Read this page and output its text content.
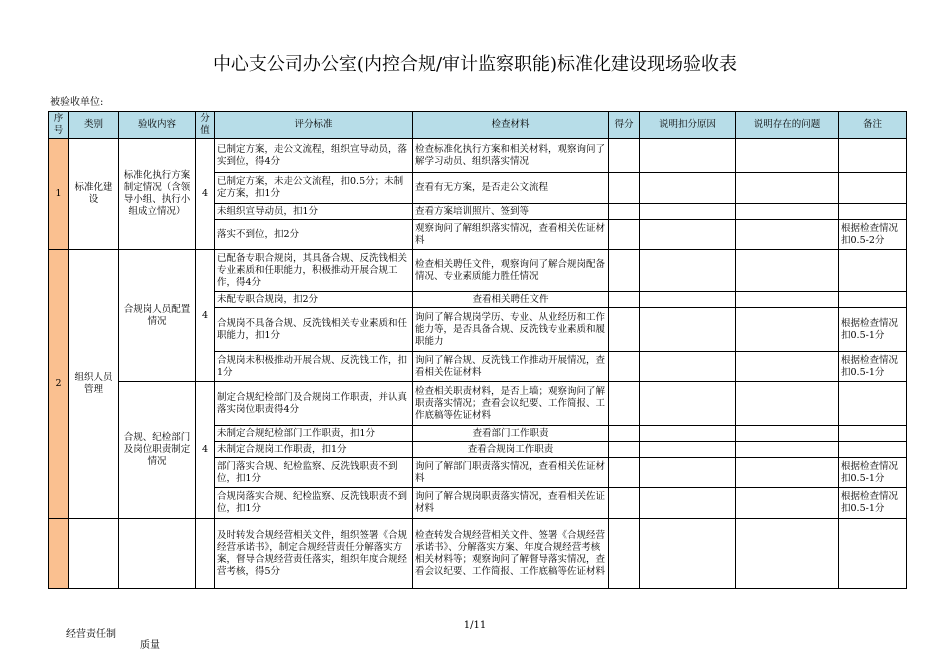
中心支公司办公室(内控合规/审计监察职能)标准化建设现场验收表
被验收单位:
序号	类别	验收内容	分值	评分标准	检查材料	得分	说明扣分原因	说明存在的问题	备注
1	标准化建设	标准化执行方案制定情况（含领导小组、执行小组成立情况）	4	已制定方案，走公文流程，组织宣导动员，落实到位，得4分	检查标准化执行方案和相关材料，观察询问了解学习动员、组织落实情况				
				已制定方案，未走公文流程，扣0.5分；未制定方案，扣1分	查看有无方案，是否走公文流程				
				未组织宣导动员，扣1分	查看方案培训照片、签到等				
				落实不到位，扣2分	观察询问了解组织落实情况，查看相关佐证材料				根据检查情况扣0.5-2分
2	组织人员管理	合规岗人员配置情况	4	已配备专职合规岗，其具备合规、反洗钱相关专业素质和任职能力，积极推动开展合规工作，得4分	检查相关聘任文件，观察询问了解合规岗配备情况、专业素质能力胜任情况				
				未配专职合规岗，扣2分	查看相关聘任文件				
				合规岗不具备合规、反洗钱相关专业素质和任职能力，扣1分	询问了解合规岗学历、专业、从业经历和工作能力等，是否具备合规、反洗钱专业素质和履职能力				根据检查情况扣0.5-1分
				合规岗未积极推动开展合规、反洗钱工作，扣1分	询问了解合规、反洗钱工作推动开展情况，查看相关佐证材料				根据检查情况扣0.5-1分
		合规、纪检部门及岗位职责制定情况	4	制定合规纪检部门及合规岗工作职责，并认真落实岗位职责得4分	检查相关职责材料，是否上墙；观察询问了解职责落实情况；查看会议纪要、工作简报、工作底稿等佐证材料				
				未制定合规纪检部门工作职责，扣1分	查看部门工作职责				
				未制定合规岗工作职责，扣1分	查看合规岗工作职责				
				部门落实合规、纪检监察、反洗钱职责不到位，扣1分	询问了解部门职责落实情况，查看相关佐证材料				根据检查情况扣0.5-1分
				合规岗落实合规、纪检监察、反洗钱职责不到位，扣1分	询问了解合规岗职责落实情况，查看相关佐证材料				根据检查情况扣0.5-1分
				及时转发合规经营相关文件，组织签署《合规经营承诺书》，制定合规经营责任分解落实方案，督导合规经营责任落实，组织年度合规经营考核，得5分	检查转发合规经营相关文件、签署《合规经营承诺书》、分解落实方案、年度合规经营考核相关材料等；观察询问了解督导落实情况，查看会议纪要、工作简报、工作底稿等佐证材料				
1/11
经营责任制
质量
